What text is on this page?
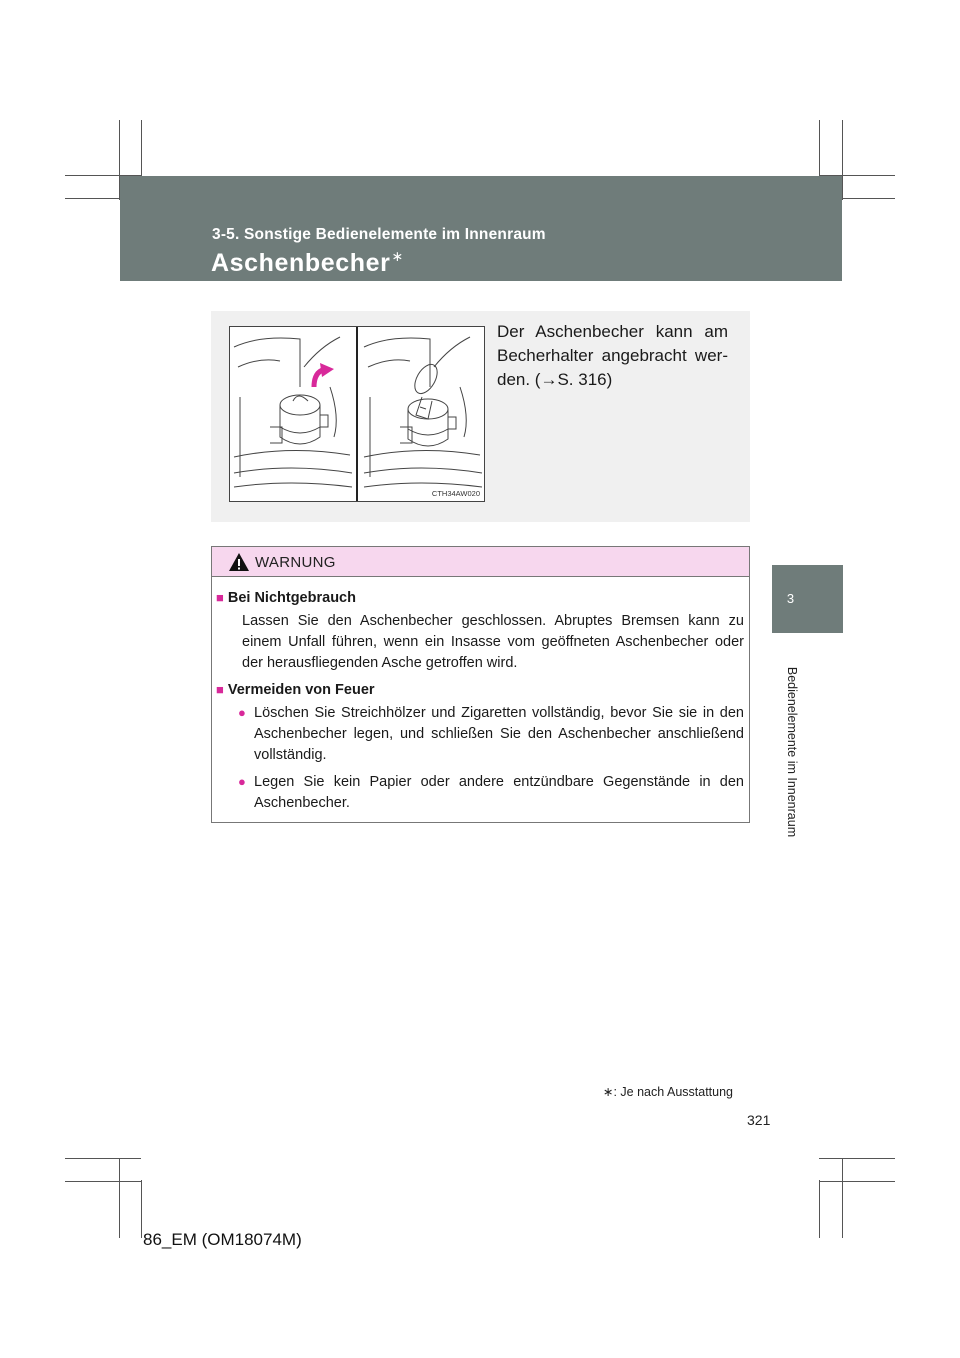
3-5. Sonstige Bedienelemente im Innenraum
Aschenbecher∗
3
Bedienelemente im Innenraum
CTH34AW020
Der Aschenbecher kann am Becherhalter angebracht wer-den. (→S. 316)
WARNUNG
■ Bei Nichtgebrauch
Lassen Sie den Aschenbecher geschlossen. Abruptes Bremsen kann zu einem Unfall führen, wenn ein Insasse vom geöffneten Aschenbecher oder der herausfliegenden Asche getroffen wird.
■ Vermeiden von Feuer
● Löschen Sie Streichhölzer und Zigaretten vollständig, bevor Sie sie in den Aschenbecher legen, und schließen Sie den Aschenbecher anschließend vollständig.
● Legen Sie kein Papier oder andere entzündbare Gegenstände in den Aschenbecher.
∗: Je nach Ausstattung
321
86_EM (OM18074M)
